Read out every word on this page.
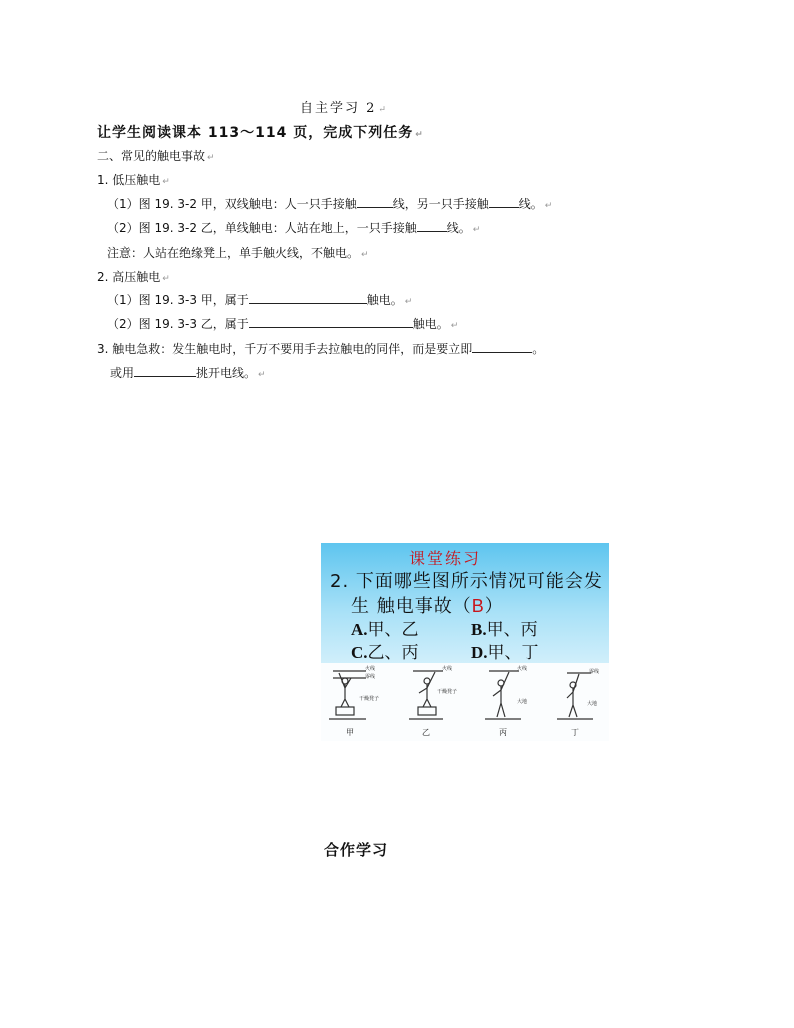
自主学习 2 ↵
让学生阅读课本 113～114 页，完成下列任务 ↵
二、常见的触电事故 ↵
1. 低压触电 ↵
（1）图 19. 3-2 甲，双线触电：人一只手接触	线，另一只手接触	线。 ↵
（2）图 19. 3-2 乙，单线触电：人站在地上，一只手接触	线。 ↵
注意：人站在绝缘凳上，单手触火线，不触电。 ↵
2. 高压触电 ↵
（1）图 19. 3-3 甲，属于	触电。 ↵
（2）图 19. 3-3 乙，属于	触电。 ↵
3. 触电急救：发生触电时，千万不要用手去拉触电的同伴，而是要立即	。
或用	挑开电线。 ↵
课堂练习
2. 下面哪些图所示情况可能会发
生 触电事故（B）
A.甲、乙	B.甲、丙
C.乙、丙	D.甲、丁
火线
零线
干燥凳子
火线
干燥凳子
火线
大地
零线
大地
甲	乙	丙	丁
合作学习
